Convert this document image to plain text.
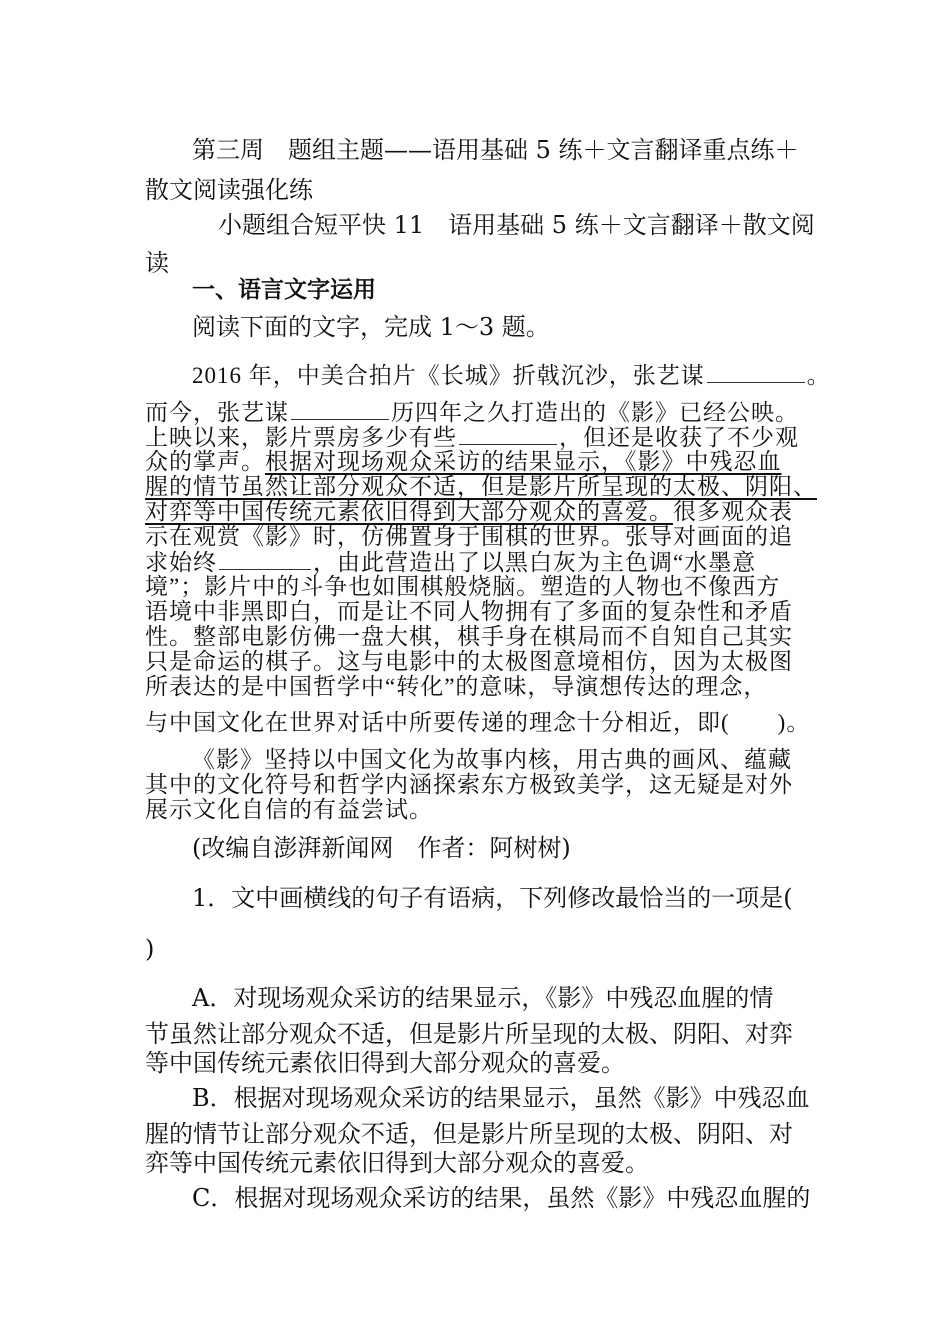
第三周　题组主题——语用基础 5 练＋文言翻译重点练＋
散文阅读强化练
小题组合短平快 11　语用基础 5 练＋文言翻译＋散文阅
读
一、语言文字运用
阅读下面的文字，完成 1～3 题。
2016 年，中美合拍片《长城》折戟沉沙，张艺谋	。
而今，张艺谋	历四年之久打造出的《影》已经公映。
上映以来，影片票房多少有些	，但还是收获了不少观
众的掌声。根据对现场观众采访的结果显示，《影》中残忍血
腥的情节虽然让部分观众不适，但是影片所呈现的太极、阴阳、
对弈等中国传统元素依旧得到大部分观众的喜爱。很多观众表
示在观赏《影》时，仿佛置身于围棋的世界。张导对画面的追
求始终	，由此营造出了以黑白灰为主色调“水墨意
境”；影片中的斗争也如围棋般烧脑。塑造的人物也不像西方
语境中非黑即白，而是让不同人物拥有了多面的复杂性和矛盾
性。整部电影仿佛一盘大棋，棋手身在棋局而不自知自己其实
只是命运的棋子。这与电影中的太极图意境相仿，因为太极图
所表达的是中国哲学中“转化”的意味，导演想传达的理念，
与中国文化在世界对话中所要传递的理念十分相近，即(　　)。
《影》坚持以中国文化为故事内核，用古典的画风、蕴藏
其中的文化符号和哲学内涵探索东方极致美学，这无疑是对外
展示文化自信的有益尝试。
(改编自澎湃新闻网　作者：阿树树)
1．文中画横线的句子有语病，下列修改最恰当的一项是(
)
A．对现场观众采访的结果显示，《影》中残忍血腥的情
节虽然让部分观众不适，但是影片所呈现的太极、阴阳、对弈
等中国传统元素依旧得到大部分观众的喜爱。
B．根据对现场观众采访的结果显示，虽然《影》中残忍血
腥的情节让部分观众不适，但是影片所呈现的太极、阴阳、对
弈等中国传统元素依旧得到大部分观众的喜爱。
C．根据对现场观众采访的结果，虽然《影》中残忍血腥的
